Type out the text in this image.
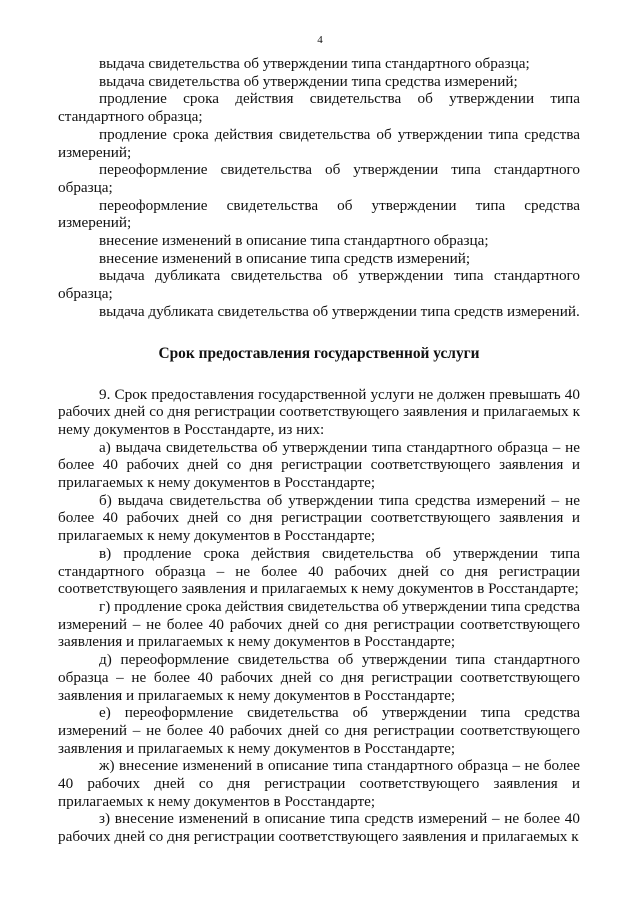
4

выдача свидетельства об утверждении типа стандартного образца;

выдача свидетельства об утверждении типа средства измерений;

продление срока действия свидетельства об утверждении типа стандартного образца;

продление срока действия свидетельства об утверждении типа средства измерений;

переоформление свидетельства об утверждении типа стандартного образца;

переоформление свидетельства об утверждении типа средства измерений;

внесение изменений в описание типа стандартного образца;

внесение изменений в описание типа средств измерений;

выдача дубликата свидетельства об утверждении типа стандартного образца;

выдача дубликата свидетельства об утверждении типа средств измерений.

Срок предоставления государственной услуги

9. Срок предоставления государственной услуги не должен превышать 40 рабочих дней со дня регистрации соответствующего заявления и прилагаемых к нему документов в Росстандарте, из них:

а) выдача свидетельства об утверждении типа стандартного образца – не более 40 рабочих дней со дня регистрации соответствующего заявления и прилагаемых к нему документов в Росстандарте;

б) выдача свидетельства об утверждении типа средства измерений – не более 40 рабочих дней со дня регистрации соответствующего заявления и прилагаемых к нему документов в Росстандарте;

в) продление срока действия свидетельства об утверждении типа стандартного образца – не более 40 рабочих дней со дня регистрации соответствующего заявления и прилагаемых к нему документов в Росстандарте;

г) продление срока действия свидетельства об утверждении типа средства измерений – не более 40 рабочих дней со дня регистрации соответствующего заявления и прилагаемых к нему документов в Росстандарте;

д) переоформление свидетельства об утверждении типа стандартного образца – не более 40 рабочих дней со дня регистрации соответствующего заявления и прилагаемых к нему документов в Росстандарте;

е) переоформление свидетельства об утверждении типа средства измерений – не более 40 рабочих дней со дня регистрации соответствующего заявления и прилагаемых к нему документов в Росстандарте;

ж) внесение изменений в описание типа стандартного образца – не более 40 рабочих дней со дня регистрации соответствующего заявления и прилагаемых к нему документов в Росстандарте;

з) внесение изменений в описание типа средств измерений – не более 40 рабочих дней со дня регистрации соответствующего заявления и прилагаемых к
